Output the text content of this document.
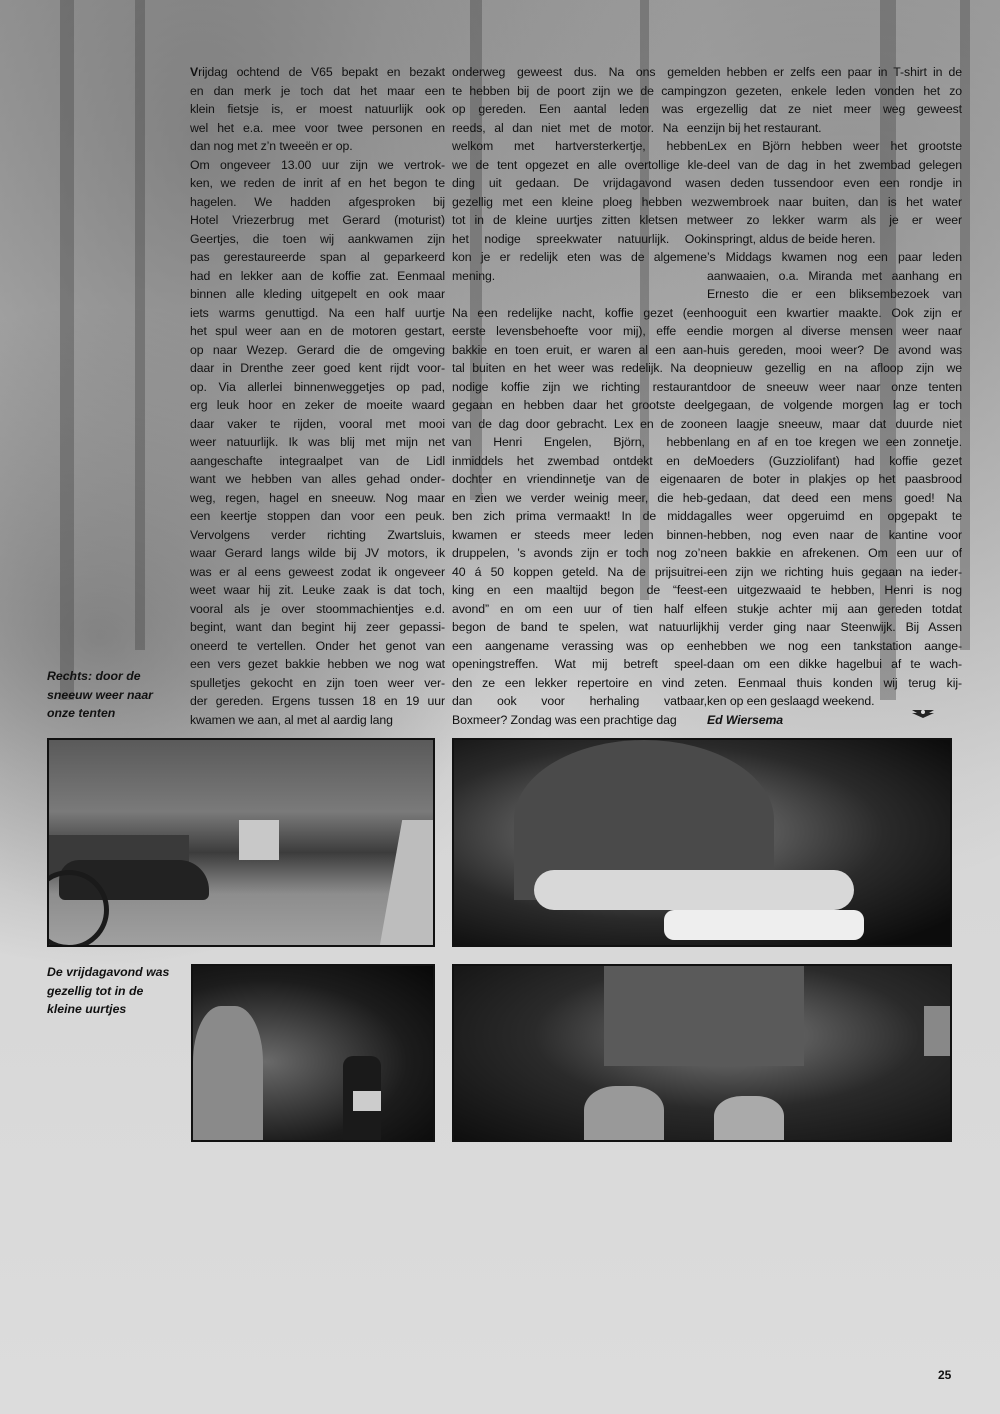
Vrijdag ochtend de V65 bepakt en bezakt
en dan merk je toch dat het maar een
klein fietsje is, er moest natuurlijk ook
wel het e.a. mee voor twee personen en
dan nog met z’n tweeën er op.
Om ongeveer 13.00 uur zijn we vertrok-
ken, we reden de inrit af en het begon te
hagelen. We hadden afgesproken bij
Hotel Vriezerbrug met Gerard (moturist)
Geertjes, die toen wij aankwamen zijn
pas gerestaureerde span al geparkeerd
had en lekker aan de koffie zat. Eenmaal
binnen alle kleding uitgepelt en ook maar
iets warms genuttigd. Na een half uurtje
het spul weer aan en de motoren gestart,
op naar Wezep. Gerard die de omgeving
daar in Drenthe zeer goed kent rijdt voor-
op. Via allerlei binnenweggetjes op pad,
erg leuk hoor en zeker de moeite waard
daar vaker te rijden, vooral met mooi
weer natuurlijk. Ik was blij met mijn net
aangeschafte integraalpet van de Lidl
want we hebben van alles gehad onder-
weg, regen, hagel en sneeuw. Nog maar
een keertje stoppen dan voor een peuk.
Vervolgens verder richting Zwartsluis,
waar Gerard langs wilde bij JV motors, ik
was er al eens geweest zodat ik ongeveer
weet waar hij zit. Leuke zaak is dat toch,
vooral als je over stoommachientjes e.d.
begint, want dan begint hij zeer gepassi-
oneerd te vertellen. Onder het genot van
een vers gezet bakkie hebben we nog wat
spulletjes gekocht en zijn toen weer ver-
der gereden. Ergens tussen 18 en 19 uur
kwamen we aan, al met al aardig lang
onderweg geweest dus. Na ons gemeld
te hebben bij de poort zijn we de camping
op gereden. Een aantal leden was er
reeds, al dan niet met de motor. Na een
welkom met hartversterkertje, hebben
we de tent opgezet en alle overtollige kle-
ding uit gedaan. De vrijdagavond was
gezellig met een kleine ploeg hebben we
tot in de kleine uurtjes zitten kletsen met
het nodige spreekwater natuurlijk. Ook
kon je er redelijk eten was de algemene
mening.

Na een redelijke nacht, koffie gezet (een
eerste levensbehoefte voor mij), effe een
bakkie en toen eruit, er waren al een aan-
tal buiten en het weer was redelijk. Na de
nodige koffie zijn we richting restaurant
gegaan en hebben daar het grootste deel
van de dag door gebracht. Lex en de zoon
van Henri Engelen, Björn, hebben
inmiddels het zwembad ontdekt en de
dochter en vriendinnetje van de eigenaar
en zien we verder weinig meer, die heb-
ben zich prima vermaakt! In de middag
kwamen er steeds meer leden binnen-
druppelen, ’s avonds zijn er toch nog zo’n
40 á 50 koppen geteld. Na de prijsuitrei-
king en een maaltijd begon de “feest-
avond” en om een uur of tien half elf
begon de band te spelen, wat natuurlijk
een aangename verassing was op een
openingstreffen. Wat mij betreft speel-
den ze een lekker repertoire en vind ze
dan ook voor herhaling vatbaar,
Boxmeer? Zondag was een prachtige dag
en hebben er zelfs een paar in T-shirt in de
zon gezeten, enkele leden vonden het zo
gezellig dat ze niet meer weg geweest
zijn bij het restaurant.
Lex en Björn hebben weer het grootste
deel van de dag in het zwembad gelegen
en deden tussendoor even een rondje in
zwembroek naar buiten, dan is het water
weer zo lekker warm als je er weer
inspringt, aldus de beide heren.
’s Middags kwamen nog een paar leden
aanwaaien, o.a. Miranda met aanhang en
Ernesto die er een bliksembezoek van
hooguit een kwartier maakte. Ook zijn er
die morgen al diverse mensen weer naar
huis gereden, mooi weer? De avond was
opnieuw gezellig en na afloop zijn we
door de sneeuw weer naar onze tenten
gegaan, de volgende morgen lag er toch
een laagje sneeuw, maar dat duurde niet
lang en af en toe kregen we een zonnetje.
Moeders (Guzziolifant) had koffie gezet
en de boter in plakjes op het paasbrood
gedaan, dat deed een mens goed! Na
alles weer opgeruimd en opgepakt te
hebben, nog even naar de kantine voor
een bakkie en afrekenen. Om een uur of
een zijn we richting huis gegaan na ieder-
een uitgezwaaid te hebben, Henri is nog
een stukje achter mij aan gereden totdat
hij verder ging naar Steenwijk. Bij Assen
hebben we nog een tankstation aange-
daan om een dikke hagelbui af te wach-
ten. Eenmaal thuis konden wij terug kij-
ken op een geslaagd weekend.
Ed Wiersema
Rechts: door de sneeuw weer naar onze tenten
De vrijdagavond was gezellig tot in de kleine uurtjes
25
